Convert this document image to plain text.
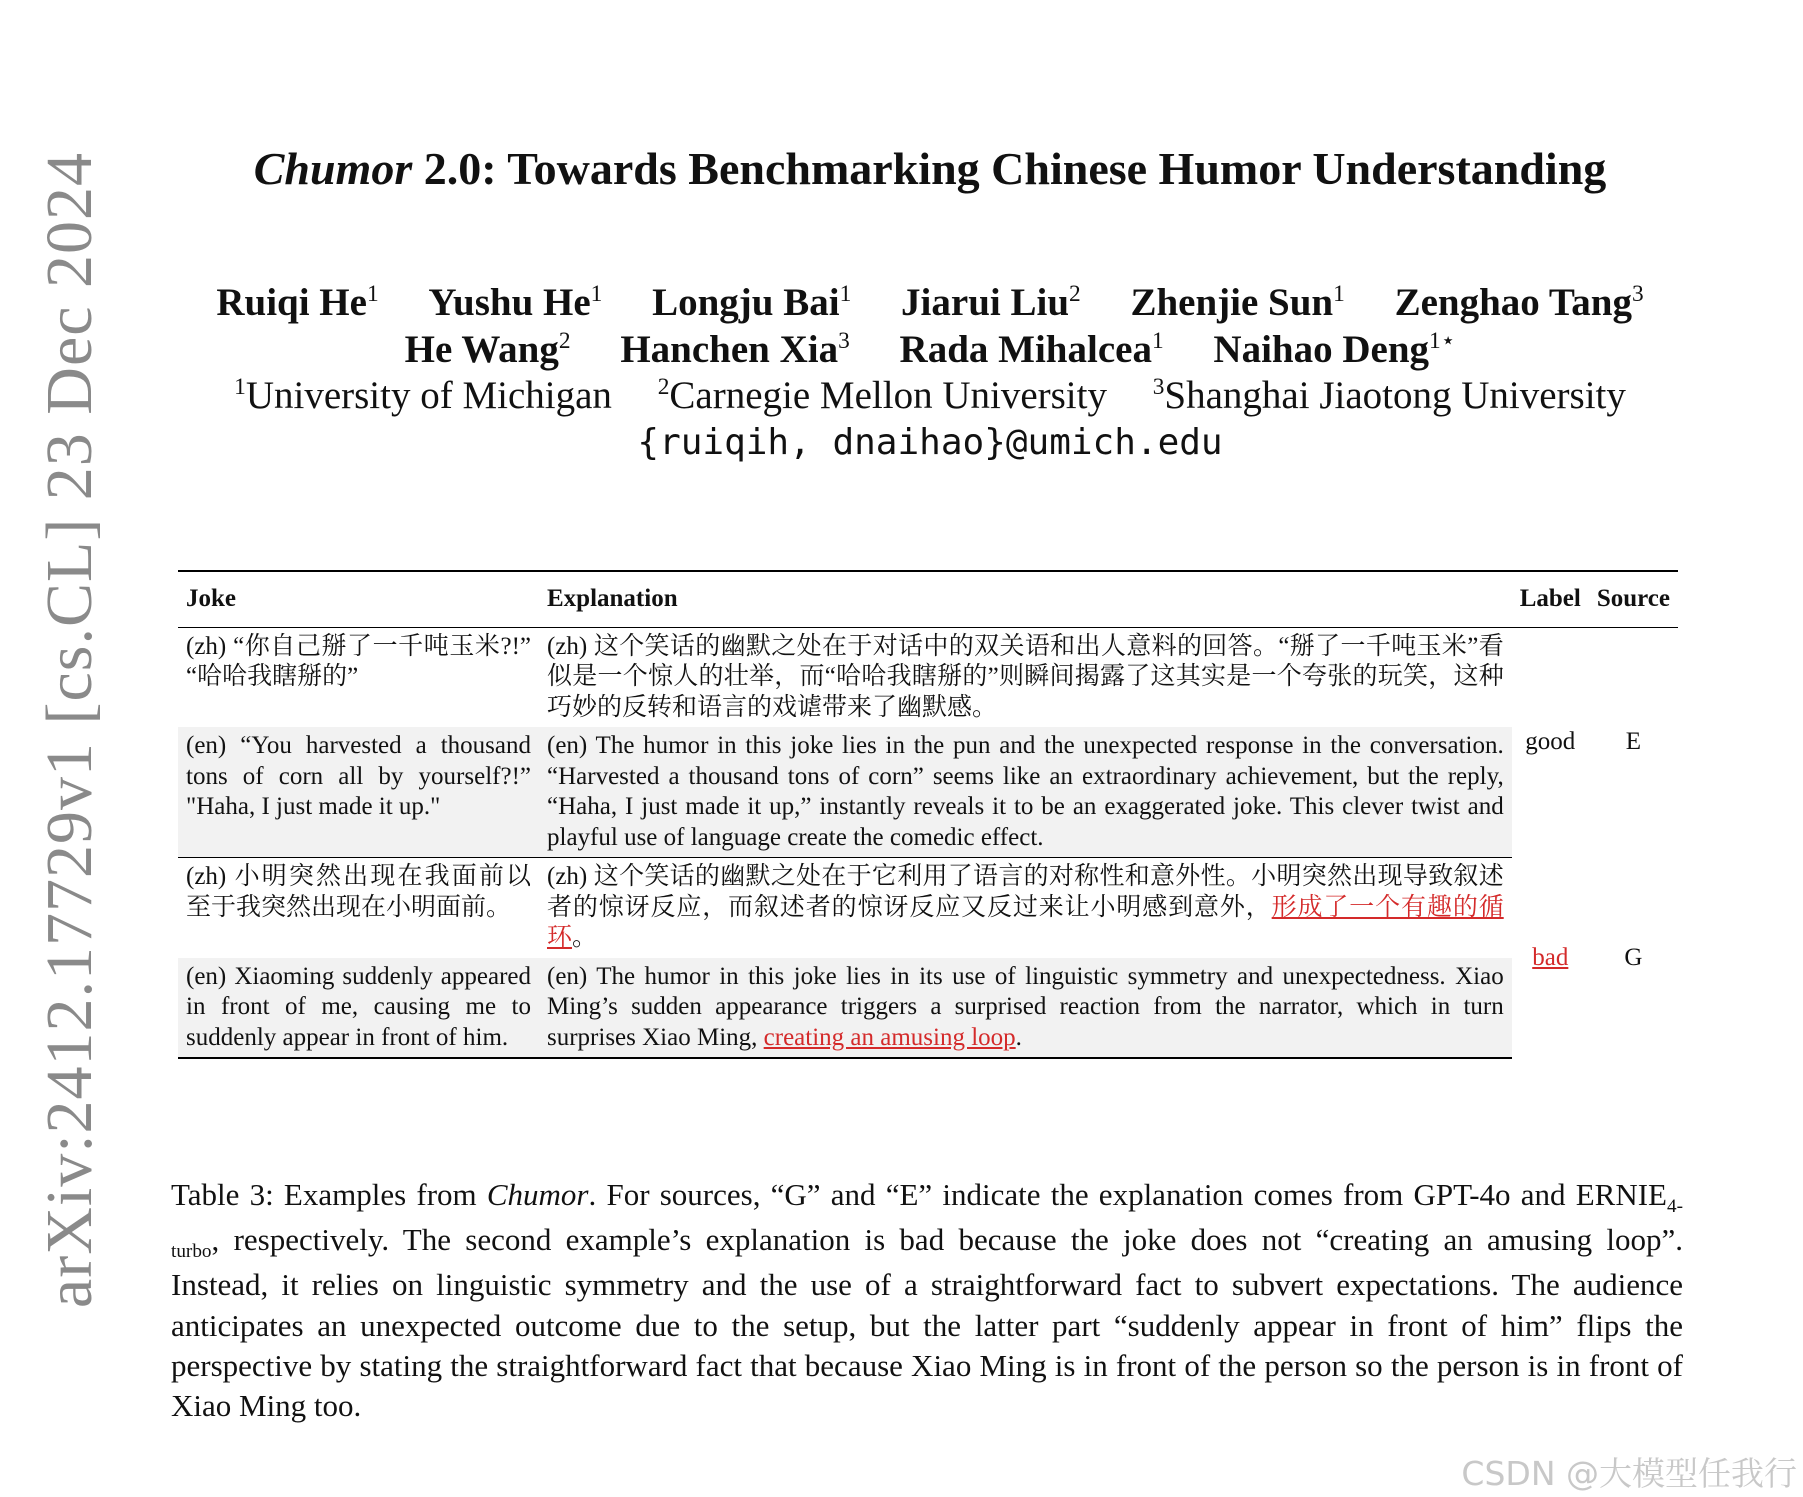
arXiv:2412.17729v1 [cs.CL] 23 Dec 2024	Chumor 2.0: Towards Benchmarking Chinese Humor Understanding
Ruiqi He$^1$ Yushu He$^1$ Longju Bai$^1$ Jiarui Liu$^2$ Zhenjie Sun$^1$ Zenghao Tang$^3$
He Wang$^2$ Hanchen Xia$^3$ Rada Mihalcea$^1$ Naihao Deng$^{1⋆}$
$^1$University of Michigan $^2$Carnegie Mellon University $^3$Shanghai Jiaotong University
{ruiqih, dnaihao}@umich.edu
Joke	Explanation	Label	Source
(zh) “你自己掰了一千吨玉米?!” “哈哈我瞎掰的”	(zh) 这个笑话的幽默之处在于对话中的双关语和出人意料的回答。“掰了一千吨玉米”看似是一个惊人的壮举，而“哈哈我瞎掰的”则瞬间揭露了这其实是一个夸张的玩笑，这种巧妙的反转和语言的戏谑带来了幽默感。	good	E
(en) “You harvested a thousand tons of corn all by yourself?!” "Haha, I just made it up."	(en) The humor in this joke lies in the pun and the unexpected response in the conversation. “Harvested a thousand tons of corn” seems like an extraordinary achievement, but the reply, “Haha, I just made it up,” instantly reveals it to be an exaggerated joke. This clever twist and playful use of language create the comedic effect.		
(zh) 小明突然出现在我面前以至于我突然出现在小明面前。	(zh) 这个笑话的幽默之处在于它利用了语言的对称性和意外性。小明突然出现导致叙述者的惊讶反应，而叙述者的惊讶反应又反过来让小明感到意外，形成了一个有趣的循环。	bad	G
(en) Xiaoming suddenly appeared in front of me, causing me to suddenly appear in front of him.	(en) The humor in this joke lies in its use of linguistic symmetry and unexpectedness. Xiao Ming’s sudden appearance triggers a surprised reaction from the narrator, which in turn surprises Xiao Ming, creating an amusing loop.		

Table 3: Examples from Chumor. For sources, “G” and “E” indicate the explanation comes from GPT-4o and $ERNIE_{4-turbo}$, respectively. The second example’s explanation is bad because the joke does not “creating an amusing loop”. Instead, it relies on linguistic symmetry and the use of a straightforward fact to subvert expectations. The audience anticipates an unexpected outcome due to the setup, but the latter part “suddenly appear in front of him” flips the perspective by stating the straightforward fact that because Xiao Ming is in front of the person so the person is in front of Xiao Ming too.

CSDN @大模型任我行
